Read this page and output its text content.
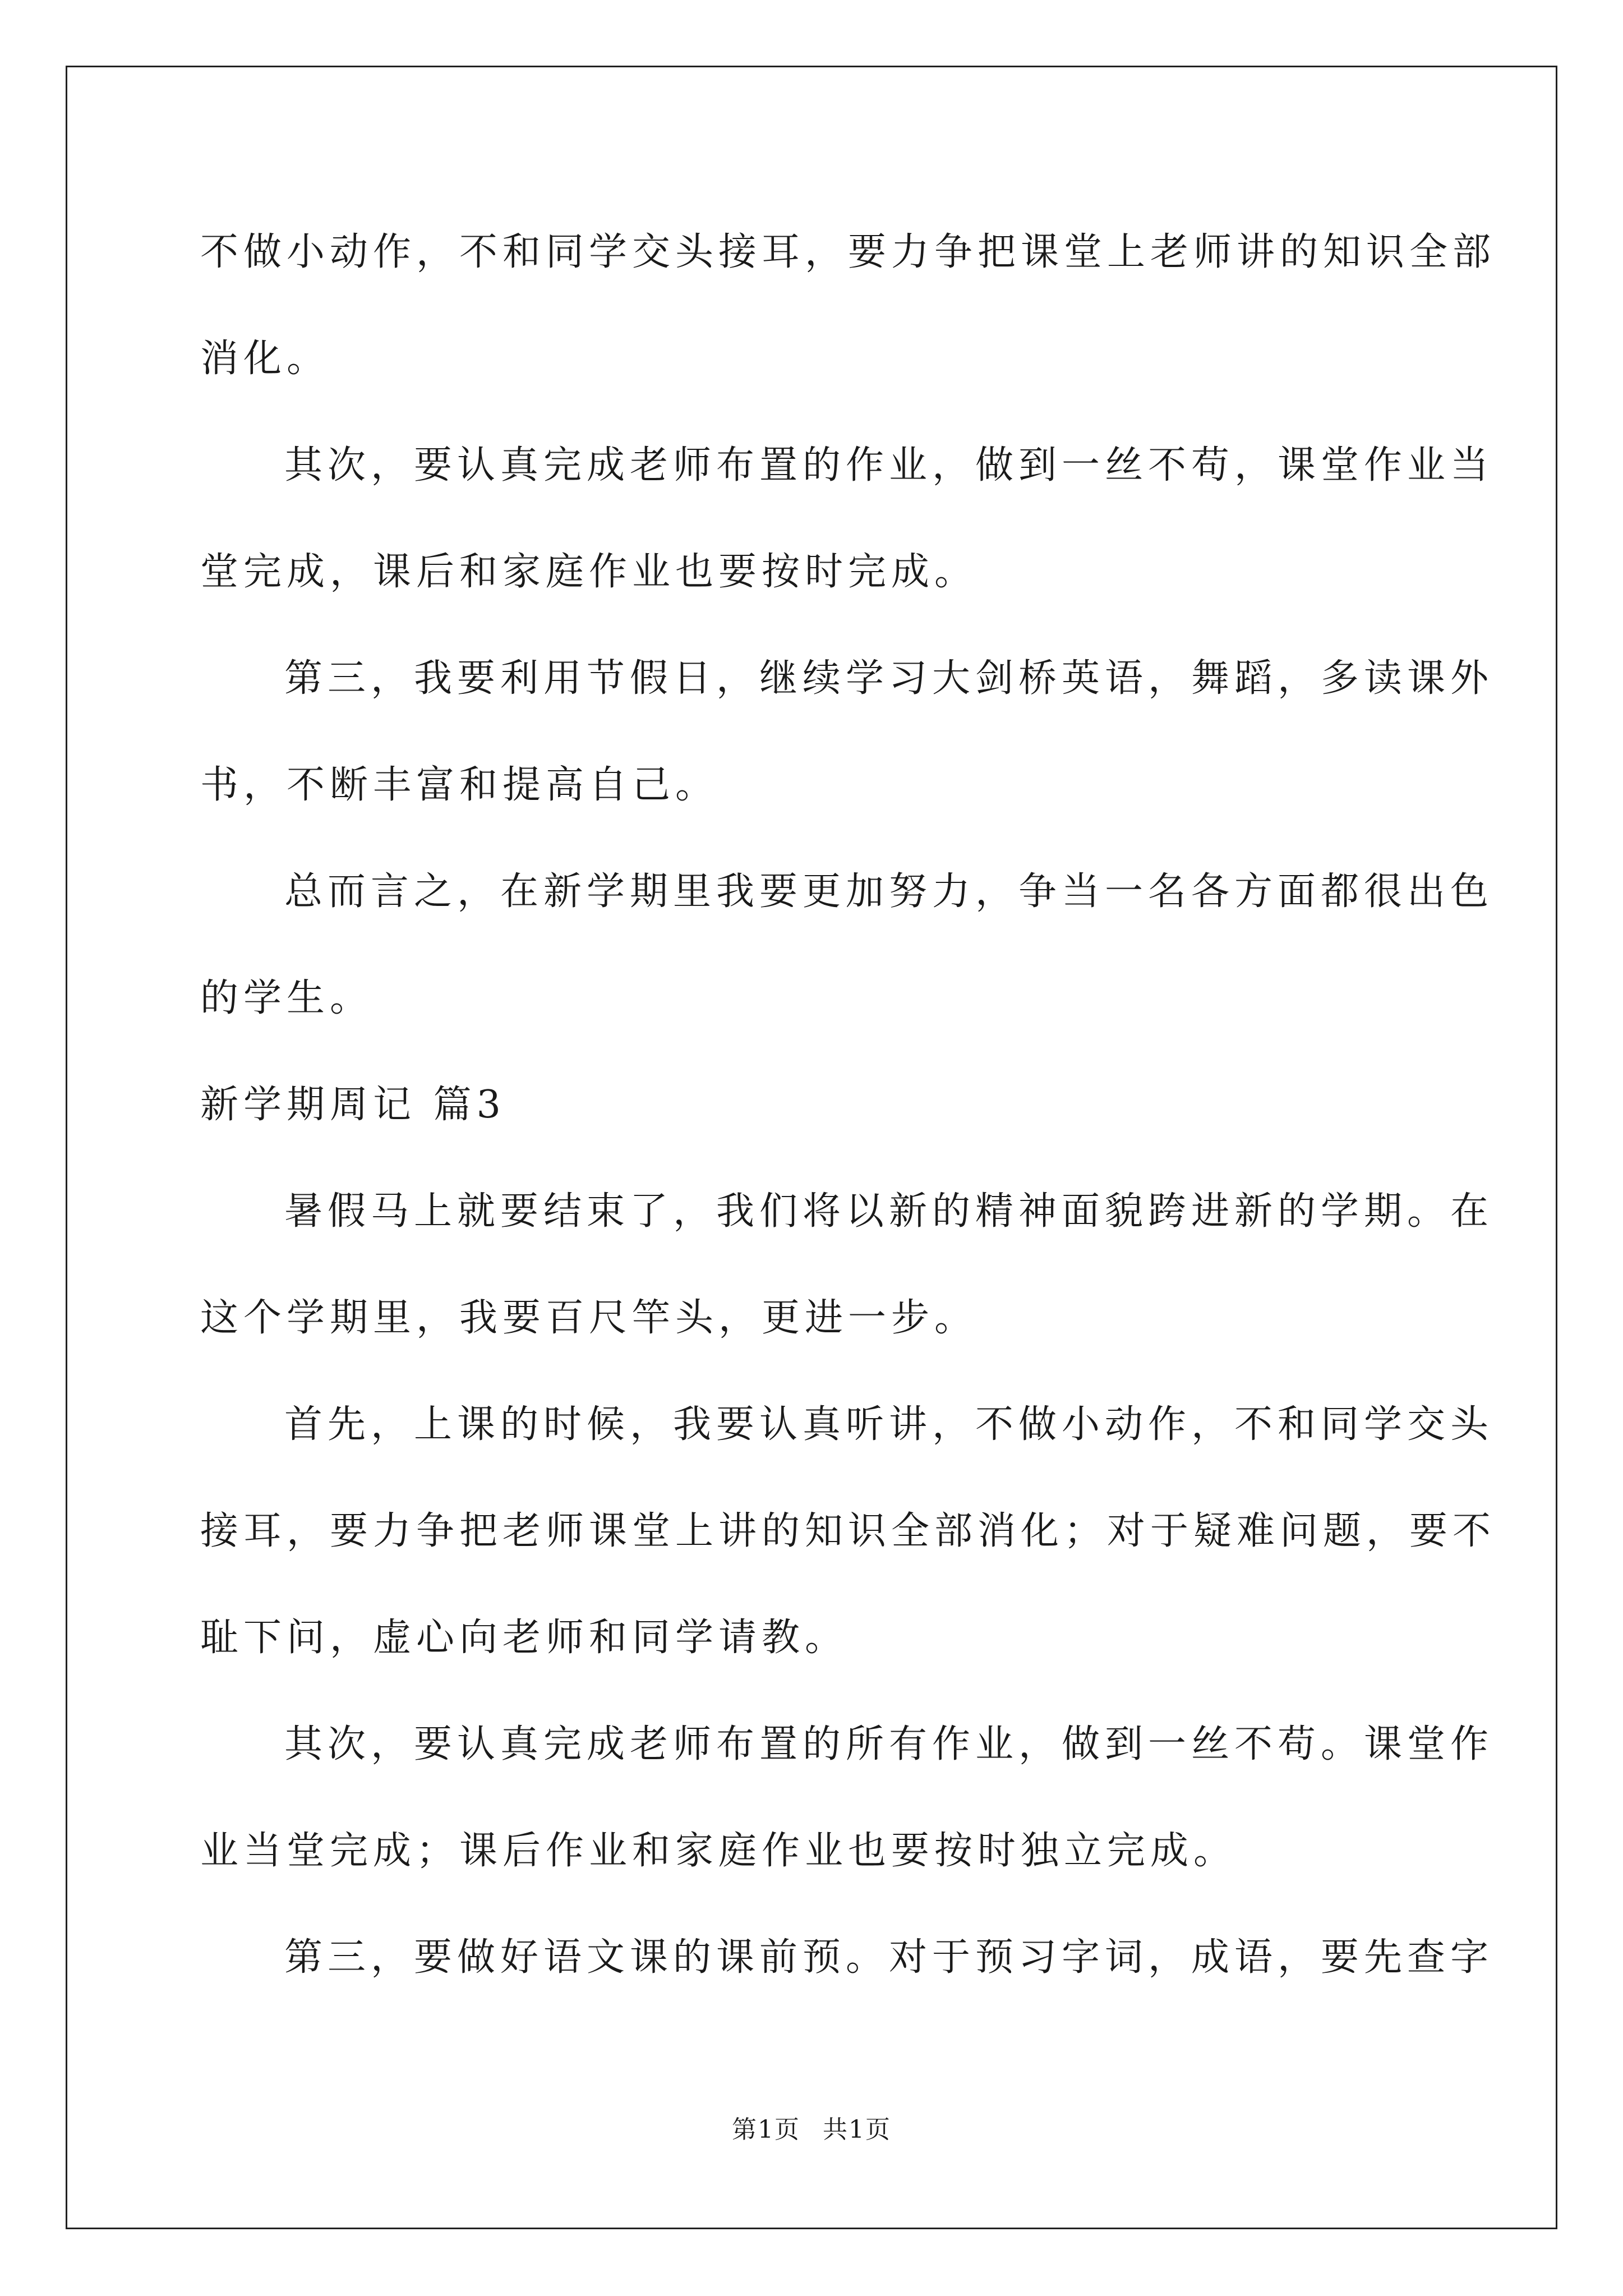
不做小动作，不和同学交头接耳，要力争把课堂上老师讲的知识全部
消化。
其次，要认真完成老师布置的作业，做到一丝不苟，课堂作业当
堂完成，课后和家庭作业也要按时完成。
第三，我要利用节假日，继续学习大剑桥英语，舞蹈，多读课外
书，不断丰富和提高自己。
总而言之，在新学期里我要更加努力，争当一名各方面都很出色
的学生。
新学期周记 篇3
暑假马上就要结束了，我们将以新的精神面貌跨进新的学期。在
这个学期里，我要百尺竿头，更进一步。
首先，上课的时候，我要认真听讲，不做小动作，不和同学交头
接耳，要力争把老师课堂上讲的知识全部消化；对于疑难问题，要不
耻下问，虚心向老师和同学请教。
其次，要认真完成老师布置的所有作业，做到一丝不苟。课堂作
业当堂完成；课后作业和家庭作业也要按时独立完成。
第三，要做好语文课的课前预。对于预习字词，成语，要先查字
第1页 共1页
